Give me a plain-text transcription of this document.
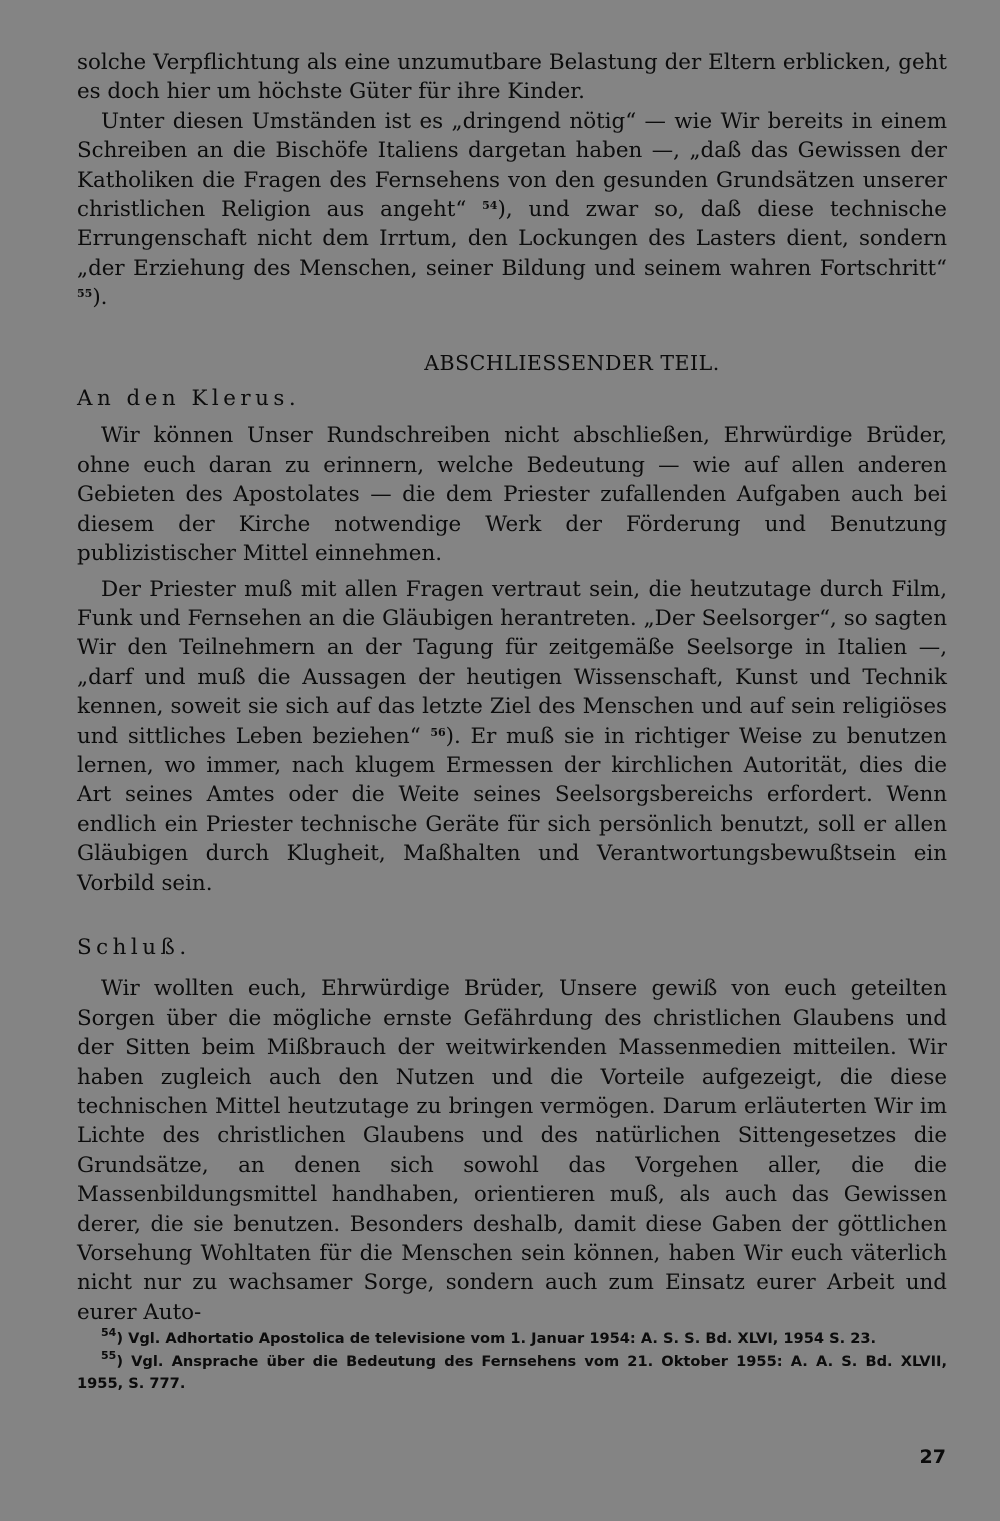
solche Verpflichtung als eine unzumutbare Belastung der Eltern erblicken, geht es doch hier um höchste Güter für ihre Kinder.

Unter diesen Umständen ist es „dringend nötig“ — wie Wir bereits in einem Schreiben an die Bischöfe Italiens dargetan haben —, „daß das Gewissen der Katholiken die Fragen des Fernsehens von den gesunden Grundsätzen unserer christlichen Religion aus angeht“ $^{54}$), und zwar so, daß diese technische Errungenschaft nicht dem Irrtum, den Lockungen des Lasters dient, sondern „der Erziehung des Menschen, seiner Bildung und seinem wahren Fortschritt“ $^{55}$).

ABSCHLIESSENDER TEIL.
An den Klerus.

Wir können Unser Rundschreiben nicht abschließen, Ehrwürdige Brüder, ohne euch daran zu erinnern, welche Bedeutung — wie auf allen anderen Gebieten des Apostolates — die dem Priester zufallenden Aufgaben auch bei diesem der Kirche notwendige Werk der Förderung und Benutzung publizistischer Mittel einnehmen.

Der Priester muß mit allen Fragen vertraut sein, die heutzutage durch Film, Funk und Fernsehen an die Gläubigen herantreten. „Der Seelsorger“, so sagten Wir den Teilnehmern an der Tagung für zeitgemäße Seelsorge in Italien —, „darf und muß die Aussagen der heutigen Wissenschaft, Kunst und Technik kennen, soweit sie sich auf das letzte Ziel des Menschen und auf sein religiöses und sittliches Leben beziehen“ $^{56}$). Er muß sie in richtiger Weise zu benutzen lernen, wo immer, nach klugem Ermessen der kirchlichen Autorität, dies die Art seines Amtes oder die Weite seines Seelsorgsbereichs erfordert. Wenn endlich ein Priester technische Geräte für sich persönlich benutzt, soll er allen Gläubigen durch Klugheit, Maßhalten und Verantwortungsbewußtsein ein Vorbild sein.

Schluß.

Wir wollten euch, Ehrwürdige Brüder, Unsere gewiß von euch geteilten Sorgen über die mögliche ernste Gefährdung des christlichen Glaubens und der Sitten beim Mißbrauch der weitwirkenden Massenmedien mitteilen. Wir haben zugleich auch den Nutzen und die Vorteile aufgezeigt, die diese technischen Mittel heutzutage zu bringen vermögen. Darum erläuterten Wir im Lichte des christlichen Glaubens und des natürlichen Sittengesetzes die Grundsätze, an denen sich sowohl das Vorgehen aller, die die Massenbildungsmittel handhaben, orientieren muß, als auch das Gewissen derer, die sie benutzen. Besonders deshalb, damit diese Gaben der göttlichen Vorsehung Wohltaten für die Menschen sein können, haben Wir euch väterlich nicht nur zu wachsamer Sorge, sondern auch zum Einsatz eurer Arbeit und eurer Auto-

$^{54}$) Vgl. Adhortatio Apostolica de televisione vom 1. Januar 1954: A. S. S. Bd. XLVI, 1954 S. 23.

$^{55}$) Vgl. Ansprache über die Bedeutung des Fernsehens vom 21. Oktober 1955: A. A. S. Bd. XLVII, 1955, S. 777.

27
